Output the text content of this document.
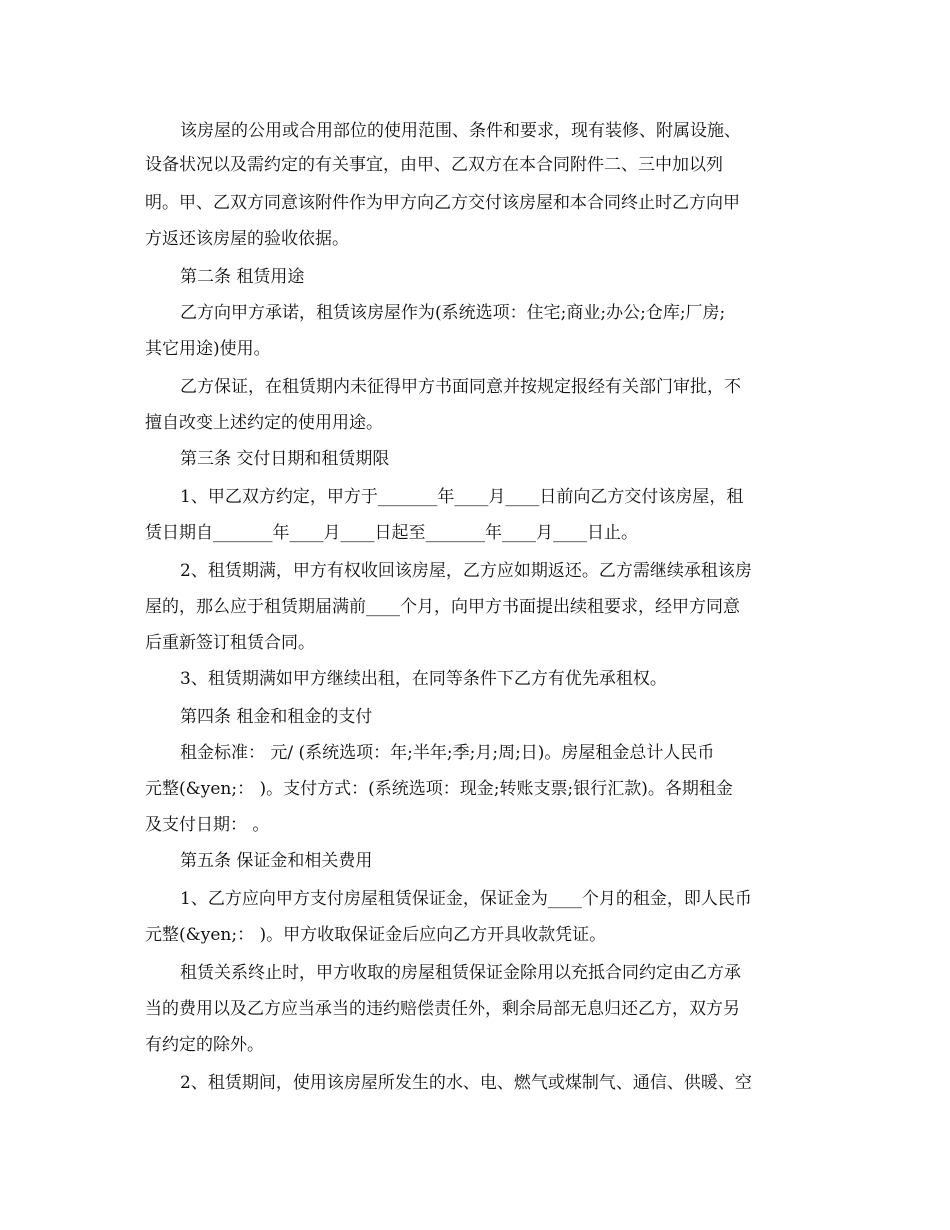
该房屋的公用或合用部位的使用范围、条件和要求，现有装修、附属设施、

设备状况以及需约定的有关事宜，由甲、乙双方在本合同附件二、三中加以列

明。甲、乙双方同意该附件作为甲方向乙方交付该房屋和本合同终止时乙方向甲

方返还该房屋的验收依据。

第二条 租赁用途

乙方向甲方承诺，租赁该房屋作为(系统选项：住宅;商业;办公;仓库;厂房;

其它用途)使用。

乙方保证，在租赁期内未征得甲方书面同意并按规定报经有关部门审批，不

擅自改变上述约定的使用用途。

第三条 交付日期和租赁期限

1、甲乙双方约定，甲方于_______年____月____日前向乙方交付该房屋，租

赁日期自_______年____月____日起至_______年____月____日止。

2、租赁期满，甲方有权收回该房屋，乙方应如期返还。乙方需继续承租该房

屋的，那么应于租赁期届满前____个月，向甲方书面提出续租要求，经甲方同意

后重新签订租赁合同。

3、租赁期满如甲方继续出租，在同等条件下乙方有优先承租权。

第四条 租金和租金的支付

租金标准： 元/ (系统选项：年;半年;季;月;周;日)。房屋租金总计人民币

元整(&yen;： )。支付方式：(系统选项：现金;转账支票;银行汇款)。各期租金

及支付日期： 。

第五条 保证金和相关费用

1、乙方应向甲方支付房屋租赁保证金，保证金为____个月的租金，即人民币

元整(&yen;： )。甲方收取保证金后应向乙方开具收款凭证。

租赁关系终止时，甲方收取的房屋租赁保证金除用以充抵合同约定由乙方承

当的费用以及乙方应当承当的违约赔偿责任外，剩余局部无息归还乙方，双方另

有约定的除外。

2、租赁期间，使用该房屋所发生的水、电、燃气或煤制气、通信、供暖、空
